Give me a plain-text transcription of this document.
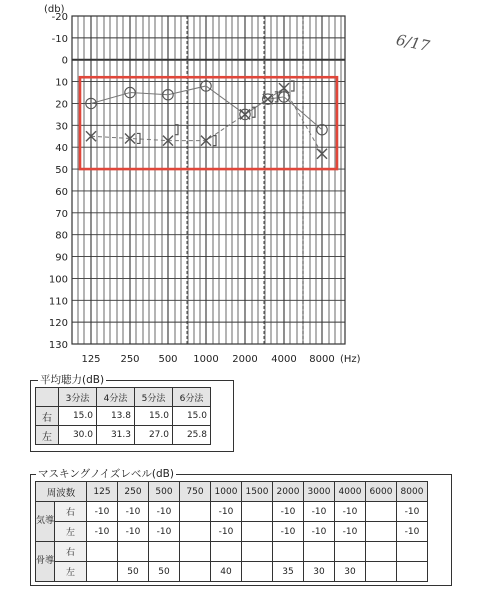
-20
-10
0
10
20
30
40
50
60
70
80
90
100
110
120
130
125 250 500 1000 2000 4000 8000
(db)
(Hz)
6/17
平均聴力(dB)
	3分法	4分法	5分法	6分法
右	15.0	13.8	15.0	15.0
左	30.0	31.3	27.0	25.8
マスキングノイズレベル(dB)
周波数		125	250	500	750	1000	1500	2000	3000	4000	6000	8000
気導	右	-10	-10	-10		-10		-10	-10	-10		-10
	左	-10	-10	-10		-10		-10	-10	-10		-10
骨導	右											
	左		50	50		40		35	30	30		
